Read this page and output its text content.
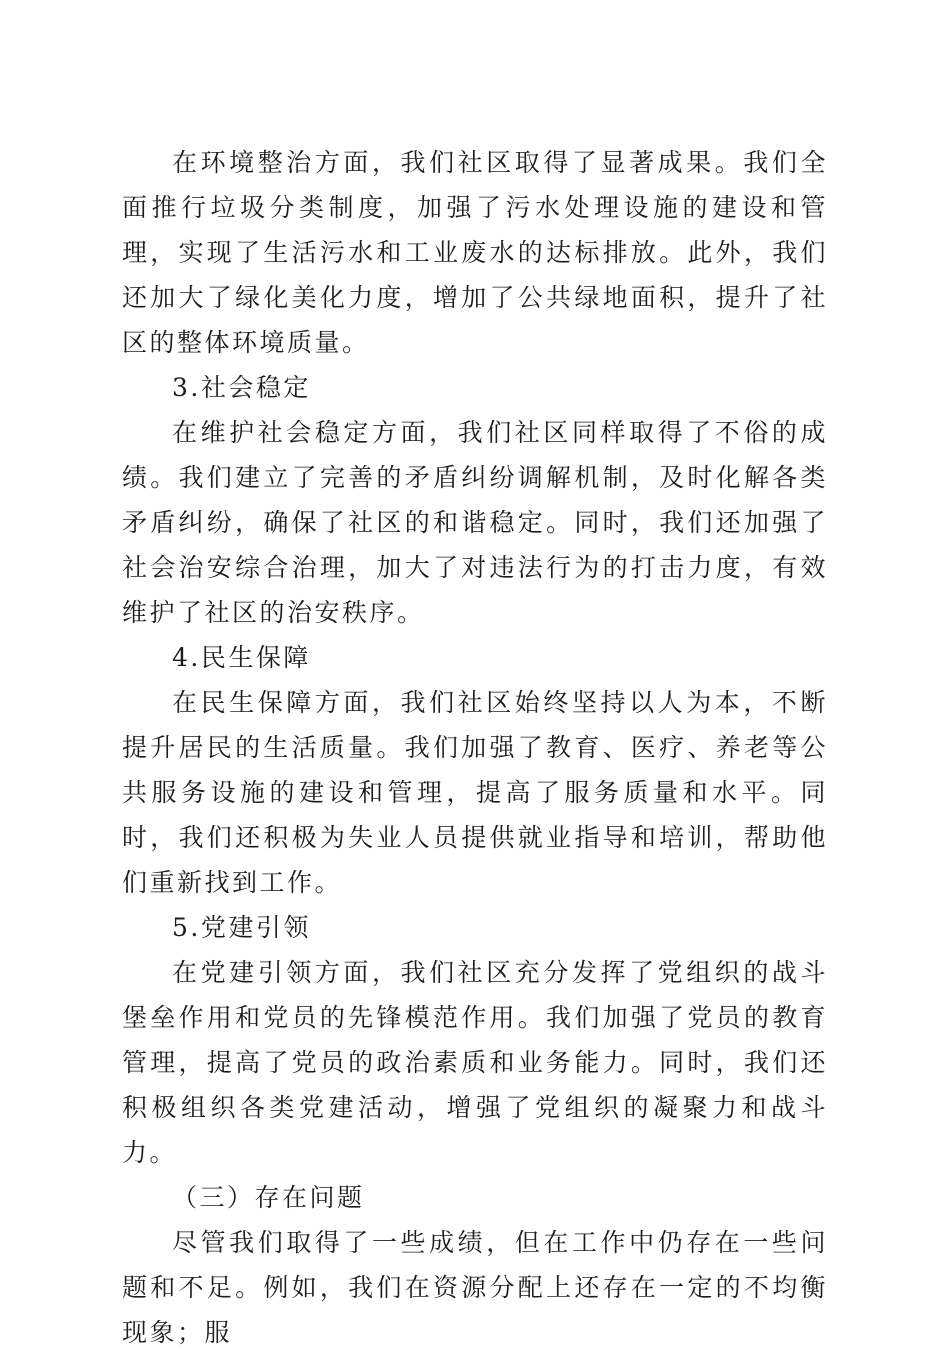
在环境整治方面，我们社区取得了显著成果。我们全面推行垃圾分类制度，加强了污水处理设施的建设和管理，实现了生活污水和工业废水的达标排放。此外，我们还加大了绿化美化力度，增加了公共绿地面积，提升了社区的整体环境质量。

3.社会稳定

在维护社会稳定方面，我们社区同样取得了不俗的成绩。我们建立了完善的矛盾纠纷调解机制，及时化解各类矛盾纠纷，确保了社区的和谐稳定。同时，我们还加强了社会治安综合治理，加大了对违法行为的打击力度，有效维护了社区的治安秩序。

4.民生保障

在民生保障方面，我们社区始终坚持以人为本，不断提升居民的生活质量。我们加强了教育、医疗、养老等公共服务设施的建设和管理，提高了服务质量和水平。同时，我们还积极为失业人员提供就业指导和培训，帮助他们重新找到工作。

5.党建引领

在党建引领方面，我们社区充分发挥了党组织的战斗堡垒作用和党员的先锋模范作用。我们加强了党员的教育管理，提高了党员的政治素质和业务能力。同时，我们还积极组织各类党建活动，增强了党组织的凝聚力和战斗力。

（三）存在问题

尽管我们取得了一些成绩，但在工作中仍存在一些问题和不足。例如，我们在资源分配上还存在一定的不均衡现象；服
